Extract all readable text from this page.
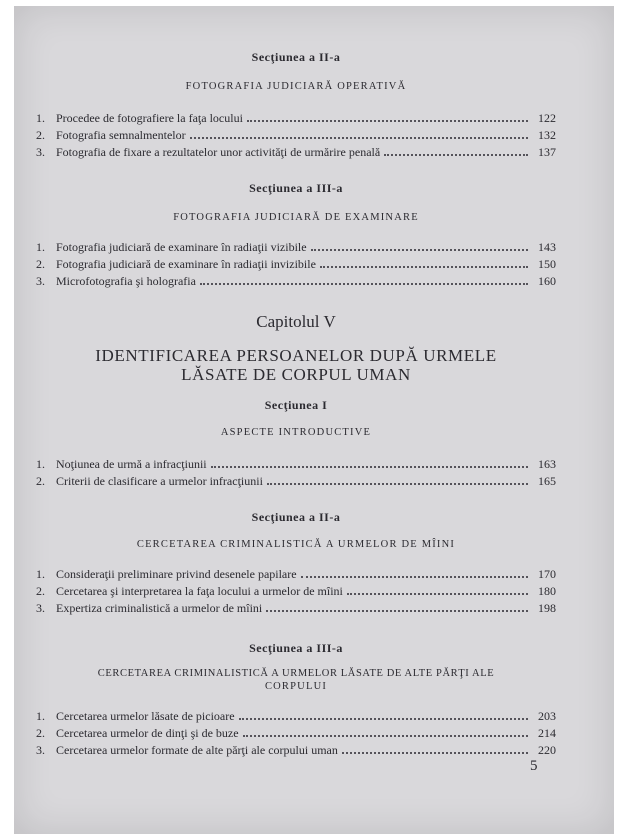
Secţiunea a II-a

FOTOGRAFIA JUDICIARĂ OPERATIVĂ

1. Procedee de fotografiere la faţa locului	122
2. Fotografia semnalmentelor	132
3. Fotografia de fixare a rezultatelor unor activităţi de urmărire penală	137

Secţiunea a III-a

FOTOGRAFIA JUDICIARĂ DE EXAMINARE

1. Fotografia judiciară de examinare în radiaţii vizibile	143
2. Fotografia judiciară de examinare în radiaţii invizibile	150
3. Microfotografia şi holografia	160

Capitolul V

IDENTIFICAREA PERSOANELOR DUPĂ URMELE

LĂSATE DE CORPUL UMAN

Secţiunea I

ASPECTE INTRODUCTIVE

1. Noţiunea de urmă a infracţiunii	163
2. Criterii de clasificare a urmelor infracţiunii	165

Secţiunea a II-a

CERCETAREA CRIMINALISTICĂ A URMELOR DE MÎINI

1. Consideraţii preliminare privind desenele papilare	170
2. Cercetarea şi interpretarea la faţa locului a urmelor de mîini	180
3. Expertiza criminalistică a urmelor de mîini	198

Secţiunea a III-a

CERCETAREA CRIMINALISTICĂ A URMELOR LĂSATE DE ALTE PĂRŢI ALE

CORPULUI

1. Cercetarea urmelor lăsate de picioare	203
2. Cercetarea urmelor de dinţi şi de buze	214
3. Cercetarea urmelor formate de alte părţi ale corpului uman	220
5
